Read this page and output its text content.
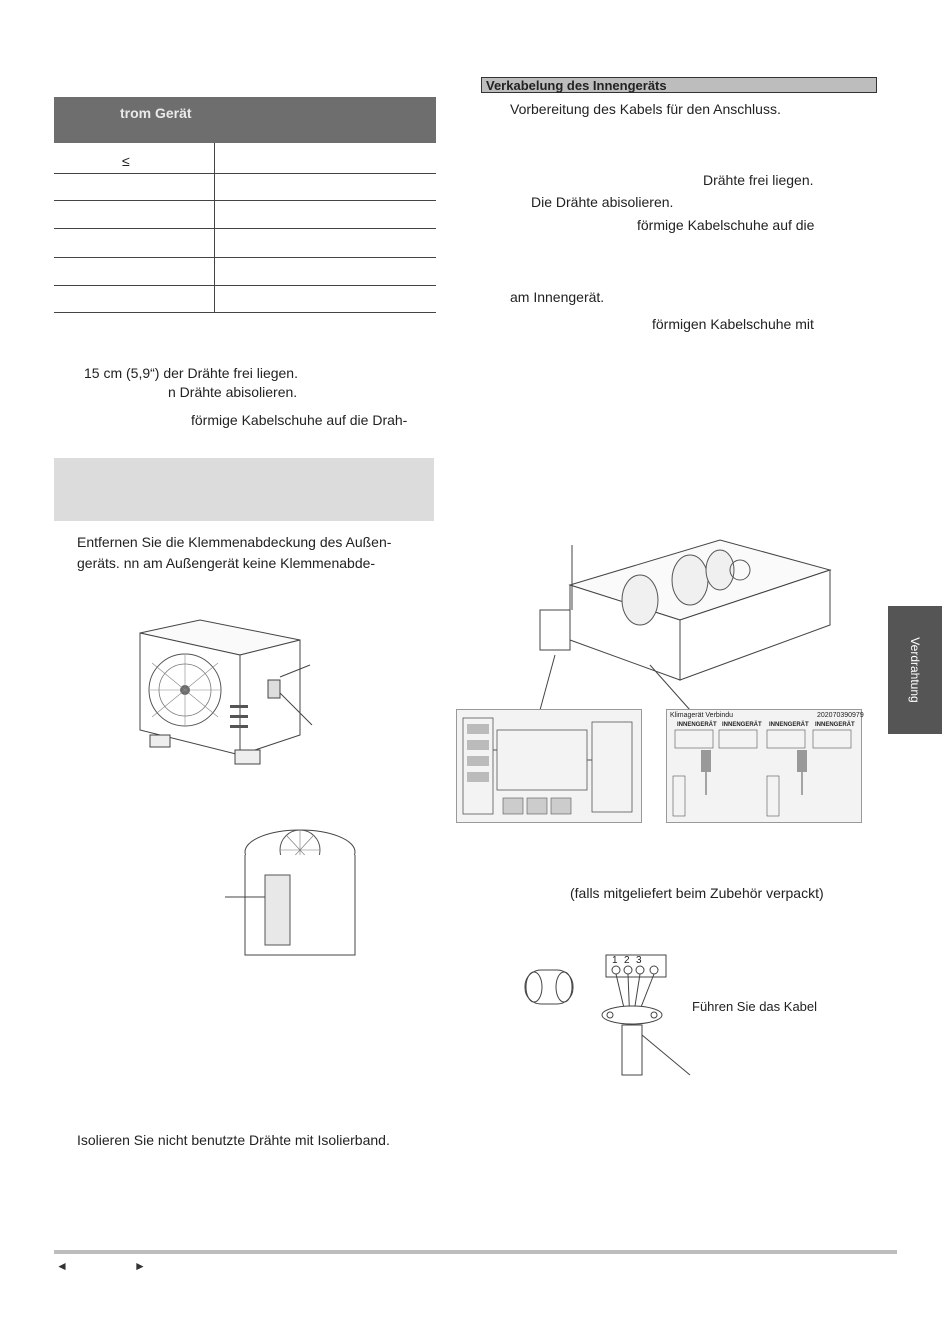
trom Gerät
≤
15 cm (5,9“) der Drähte frei liegen.
n Drähte abisolieren.
förmige Kabelschuhe auf die Drah-
Entfernen Sie die Klemmenabdeckung des Außen-
geräts. nn am Außengerät keine Klemmenabde-
Isolieren Sie nicht benutzte Drähte mit Isolierband.
Verkabelung des Innengeräts
Vorbereitung des Kabels für den Anschluss.
Drähte frei liegen.
Die Drähte abisolieren.
förmige Kabelschuhe auf die
am Innengerät.
förmigen Kabelschuhe mit
Klimagerät Verbindu	202070390979
INNENGERÄT INNENGERÄT INNENGERÄT INNENGERÄT
(falls mitgeliefert beim Zubehör verpackt)
1 2 3
Führen Sie das Kabel
Verdrahtung
◄	►
